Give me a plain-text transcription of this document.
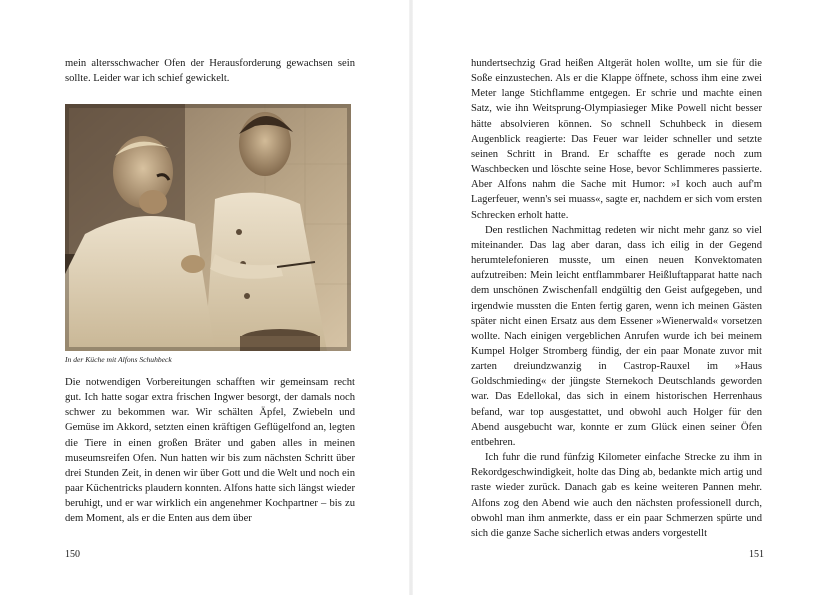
mein altersschwacher Ofen der Herausforderung gewachsen sein sollte. Leider war ich schief gewickelt.

In der Küche mit Alfons Schuhbeck

Die notwendigen Vorbereitungen schafften wir gemeinsam recht gut. Ich hatte sogar extra frischen Ingwer besorgt, der damals noch schwer zu bekommen war. Wir schälten Äpfel, Zwiebeln und Gemüse im Akkord, setzten einen kräftigen Geflügelfond an, legten die Tiere in einen großen Bräter und gaben alles in meinen museumsreifen Ofen. Nun hatten wir bis zum nächsten Schritt über drei Stunden Zeit, in denen wir über Gott und die Welt und noch ein paar Küchentricks plaudern konnten. Alfons hatte sich längst wieder beruhigt, und er war wirklich ein angenehmer Kochpartner – bis zu dem Moment, als er die Enten aus dem über

150

hundertsechzig Grad heißen Altgerät holen wollte, um sie für die Soße einzustechen. Als er die Klappe öffnete, schoss ihm eine zwei Meter lange Stichflamme entgegen. Er schrie und machte einen Satz, wie ihn Weitsprung-Olympiasieger Mike Powell nicht besser hätte absolvieren können. So schnell Schuhbeck in diesem Augenblick reagierte: Das Feuer war leider schneller und setzte seinen Schritt in Brand. Er schaffte es gerade noch zum Waschbecken und löschte seine Hose, bevor Schlimmeres passierte. Aber Alfons nahm die Sache mit Humor: »I koch auch auf'm Lagerfeuer, wenn's sei muass«, sagte er, nachdem er sich vom ersten Schrecken erholt hatte.

Den restlichen Nachmittag redeten wir nicht mehr ganz so viel miteinander. Das lag aber daran, dass ich eilig in der Gegend herumtelefonieren musste, um einen neuen Konvektomaten aufzutreiben: Mein leicht entflammbarer Heißluftapparat hatte nach dem unschönen Zwischenfall endgültig den Geist aufgegeben, und irgendwie mussten die Enten fertig garen, wenn ich meinen Gästen später nicht einen Ersatz aus dem Essener »Wienerwald« vorsetzen wollte. Nach einigen vergeblichen Anrufen wurde ich bei meinem Kumpel Holger Stromberg fündig, der ein paar Monate zuvor mit zarten dreiundzwanzig in Castrop-Rauxel im »Haus Goldschmieding« der jüngste Sternekoch Deutschlands geworden war. Das Edellokal, das sich in einem historischen Herrenhaus befand, war top ausgestattet, und obwohl auch Holger für den Abend ausgebucht war, konnte er zum Glück einen seiner Öfen entbehren.

Ich fuhr die rund fünfzig Kilometer einfache Strecke zu ihm in Rekordgeschwindigkeit, holte das Ding ab, bedankte mich artig und raste wieder zurück. Danach gab es keine weiteren Pannen mehr. Alfons zog den Abend wie auch den nächsten professionell durch, obwohl man ihm anmerkte, dass er ein paar Schmerzen spürte und sich die ganze Sache sicherlich etwas anders vorgestellt

151
